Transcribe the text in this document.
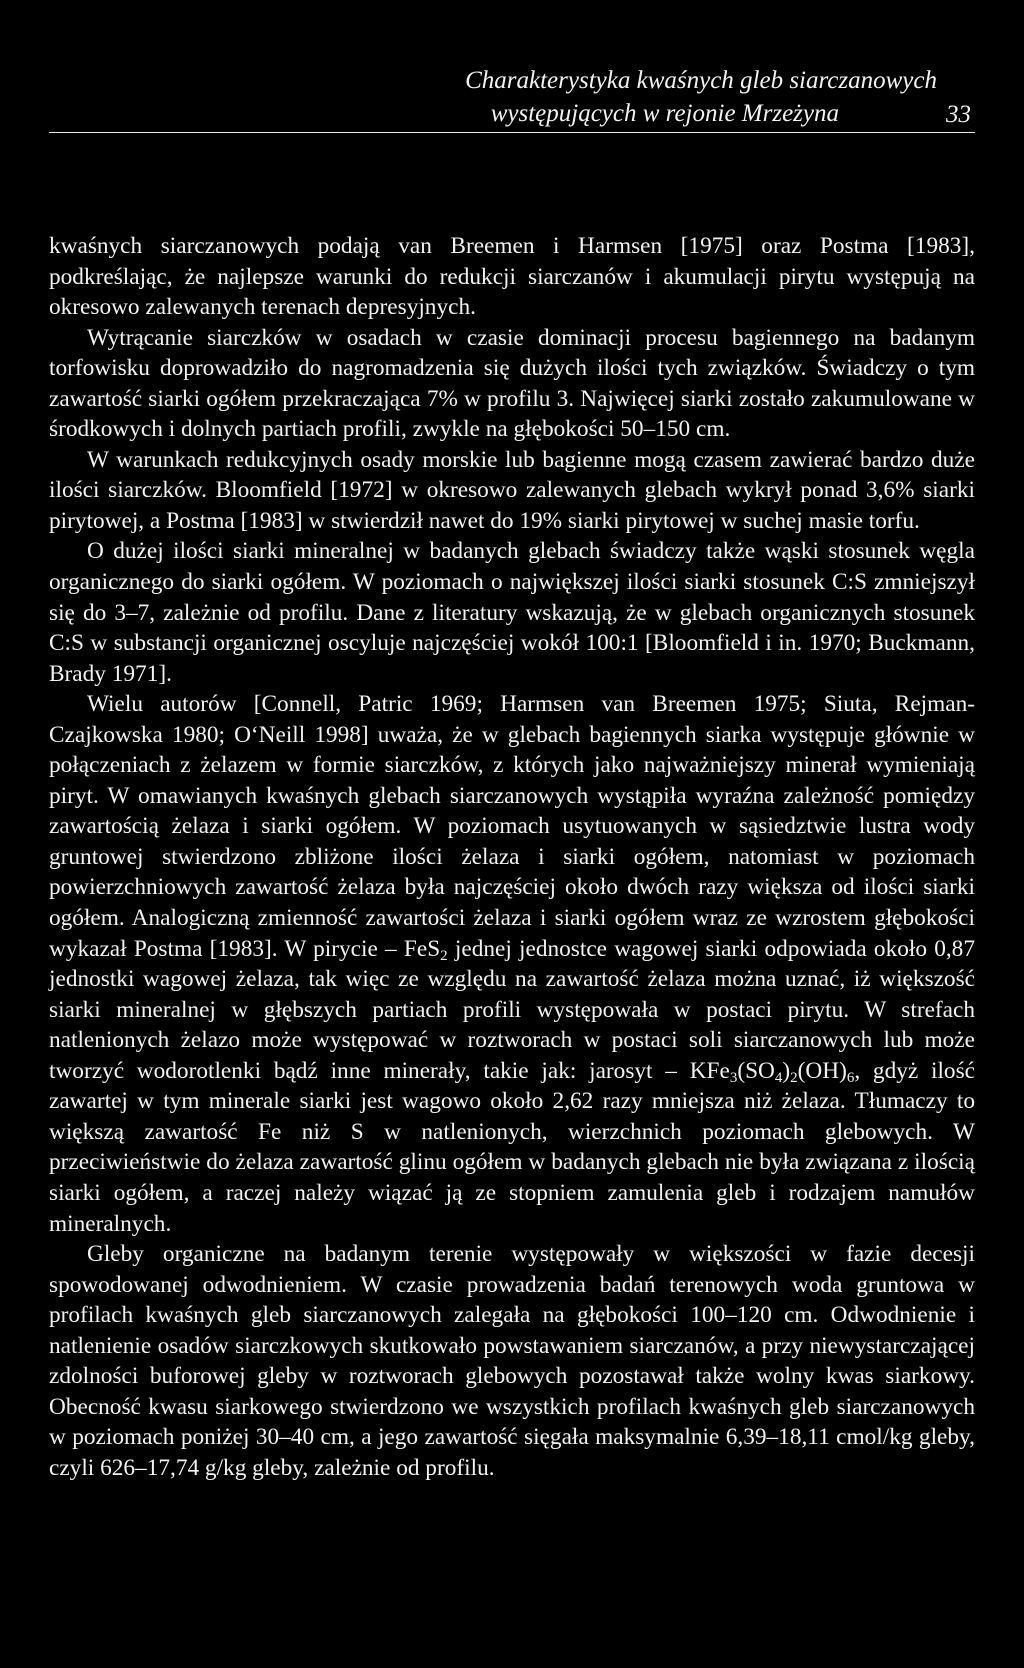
Charakterystyka kwaśnych gleb siarczanowych
występujących w rejonie Mrzeżyna	33

kwaśnych siarczanowych podają van Breemen i Harmsen [1975] oraz Postma [1983], podkreślając, że najlepsze warunki do redukcji siarczanów i akumulacji pirytu występują na okresowo zalewanych terenach depresyjnych.

Wytrącanie siarczków w osadach w czasie dominacji procesu bagiennego na badanym torfowisku doprowadziło do nagromadzenia się dużych ilości tych związków. Świadczy o tym zawartość siarki ogółem przekraczająca 7% w profilu 3. Najwięcej siarki zostało zakumulowane w środkowych i dolnych partiach profili, zwykle na głębokości 50–150 cm.

W warunkach redukcyjnych osady morskie lub bagienne mogą czasem zawierać bardzo duże ilości siarczków. Bloomfield [1972] w okresowo zalewanych glebach wykrył ponad 3,6% siarki pirytowej, a Postma [1983] w stwierdził nawet do 19% siarki pirytowej w suchej masie torfu.

O dużej ilości siarki mineralnej w badanych glebach świadczy także wąski stosunek węgla organicznego do siarki ogółem. W poziomach o największej ilości siarki stosunek C:S zmniejszył się do 3–7, zależnie od profilu. Dane z literatury wskazują, że w glebach organicznych stosunek C:S w substancji organicznej oscyluje najczęściej wokół 100:1 [Bloomfield i in. 1970; Buckmann, Brady 1971].

Wielu autorów [Connell, Patric 1969; Harmsen van Breemen 1975; Siuta, Rejman-Czajkowska 1980; O‘Neill 1998] uważa, że w glebach bagiennych siarka występuje głównie w połączeniach z żelazem w formie siarczków, z których jako najważniejszy minerał wymieniają piryt. W omawianych kwaśnych glebach siarczanowych wystąpiła wyraźna zależność pomiędzy zawartością żelaza i siarki ogółem. W poziomach usytuowanych w sąsiedztwie lustra wody gruntowej stwierdzono zbliżone ilości żelaza i siarki ogółem, natomiast w poziomach powierzchniowych zawartość żelaza była najczęściej około dwóch razy większa od ilości siarki ogółem. Analogiczną zmienność zawartości żelaza i siarki ogółem wraz ze wzrostem głębokości wykazał Postma [1983]. W pirycie – FeS$_2$ jednej jednostce wagowej siarki odpowiada około 0,87 jednostki wagowej żelaza, tak więc ze względu na zawartość żelaza można uznać, iż większość siarki mineralnej w głębszych partiach profili występowała w postaci pirytu. W strefach natlenionych żelazo może występować w roztworach w postaci soli siarczanowych lub może tworzyć wodorotlenki bądź inne minerały, takie jak: jarosyt – $KFe_3(SO_4)_2(OH)_6$, gdyż ilość zawartej w tym minerale siarki jest wagowo około 2,62 razy mniejsza niż żelaza. Tłumaczy to większą zawartość Fe niż S w natlenionych, wierzchnich poziomach glebowych. W przeciwieństwie do żelaza zawartość glinu ogółem w badanych glebach nie była związana z ilością siarki ogółem, a raczej należy wiązać ją ze stopniem zamulenia gleb i rodzajem namułów mineralnych.

Gleby organiczne na badanym terenie występowały w większości w fazie decesji spowodowanej odwodnieniem. W czasie prowadzenia badań terenowych woda gruntowa w profilach kwaśnych gleb siarczanowych zalegała na głębokości 100–120 cm. Odwodnienie i natlenienie osadów siarczkowych skutkowało powstawaniem siarczanów, a przy niewystarczającej zdolności buforowej gleby w roztworach glebowych pozostawał także wolny kwas siarkowy. Obecność kwasu siarkowego stwierdzono we wszystkich profilach kwaśnych gleb siarczanowych w poziomach poniżej 30–40 cm, a jego zawartość sięgała maksymalnie 6,39–18,11 cmol/kg gleby, czyli 626–17,74 g/kg gleby, zależnie od profilu.
